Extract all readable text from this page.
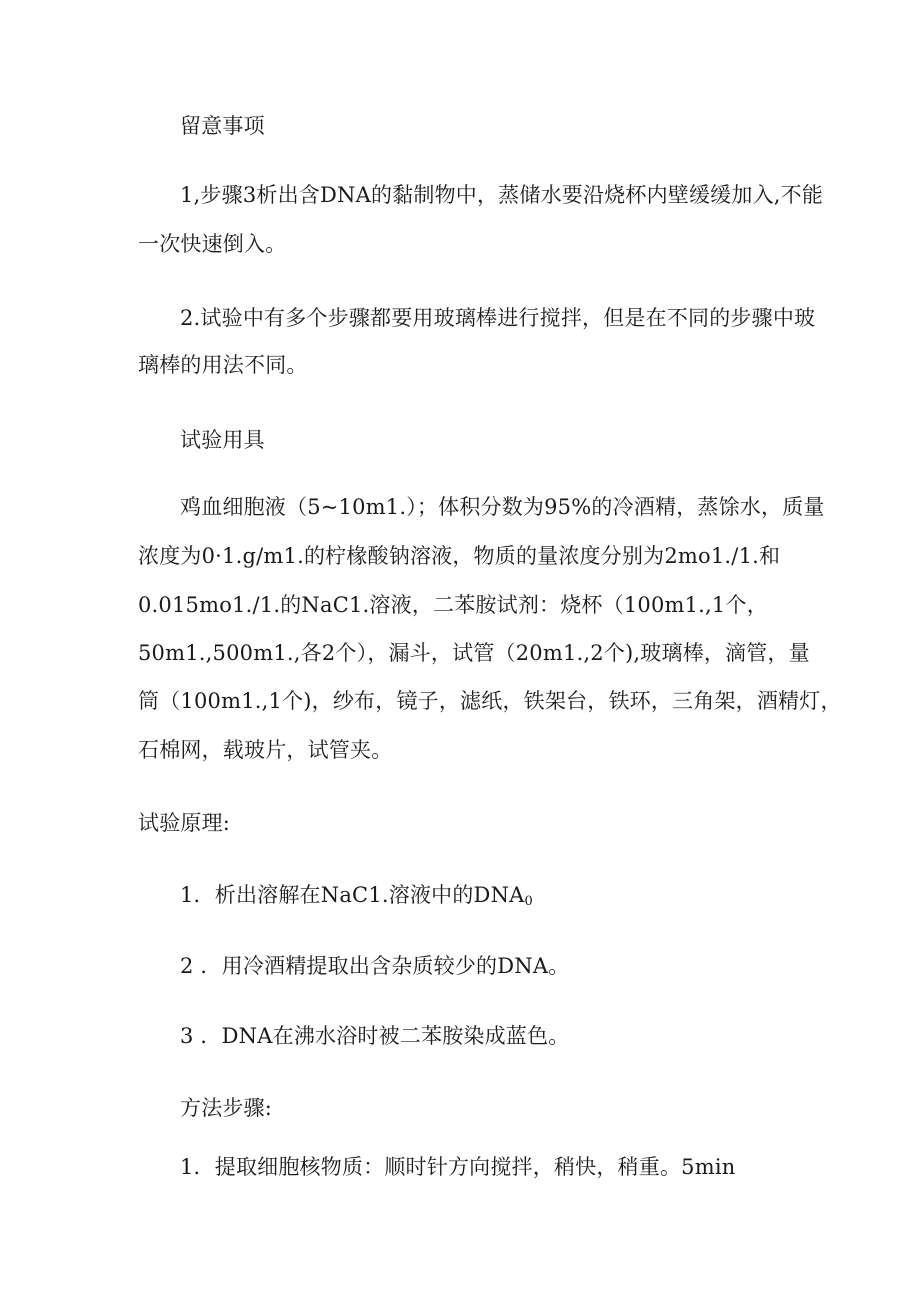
留意事项
1,步骤3析出含DNA的黏制物中，蒸储水要沿烧杯内壁缓缓加入,不能
一次快速倒入。
2.试验中有多个步骤都要用玻璃棒进行搅拌，但是在不同的步骤中玻
璃棒的用法不同。
试验用具
鸡血细胞液（5~10m1.）；体积分数为95%的冷酒精，蒸馀水，质量
浓度为0·1.g/m1.的柠椽酸钠溶液，物质的量浓度分别为2mo1./1.和
0.015mo1./1.的NaC1.溶液，二苯胺试剂：烧杯（100m1.,1个，
50m1.,500m1.,各2个），漏斗，试管（20m1.,2个),玻璃棒，滴管，量
筒（100m1.,1个)，纱布，镜子，滤纸，铁架台，铁环，三角架，酒精灯，
石棉网，载玻片，试管夹。
试验原理:
1．析出溶解在NaC1.溶液中的$DNA_0$
2 ．用冷酒精提取出含杂质较少的DNA。
3 ．DNA在沸水浴时被二苯胺染成蓝色。
方法步骤:
1．提取细胞核物质：顺时针方向搅拌，稍快，稍重。5min
